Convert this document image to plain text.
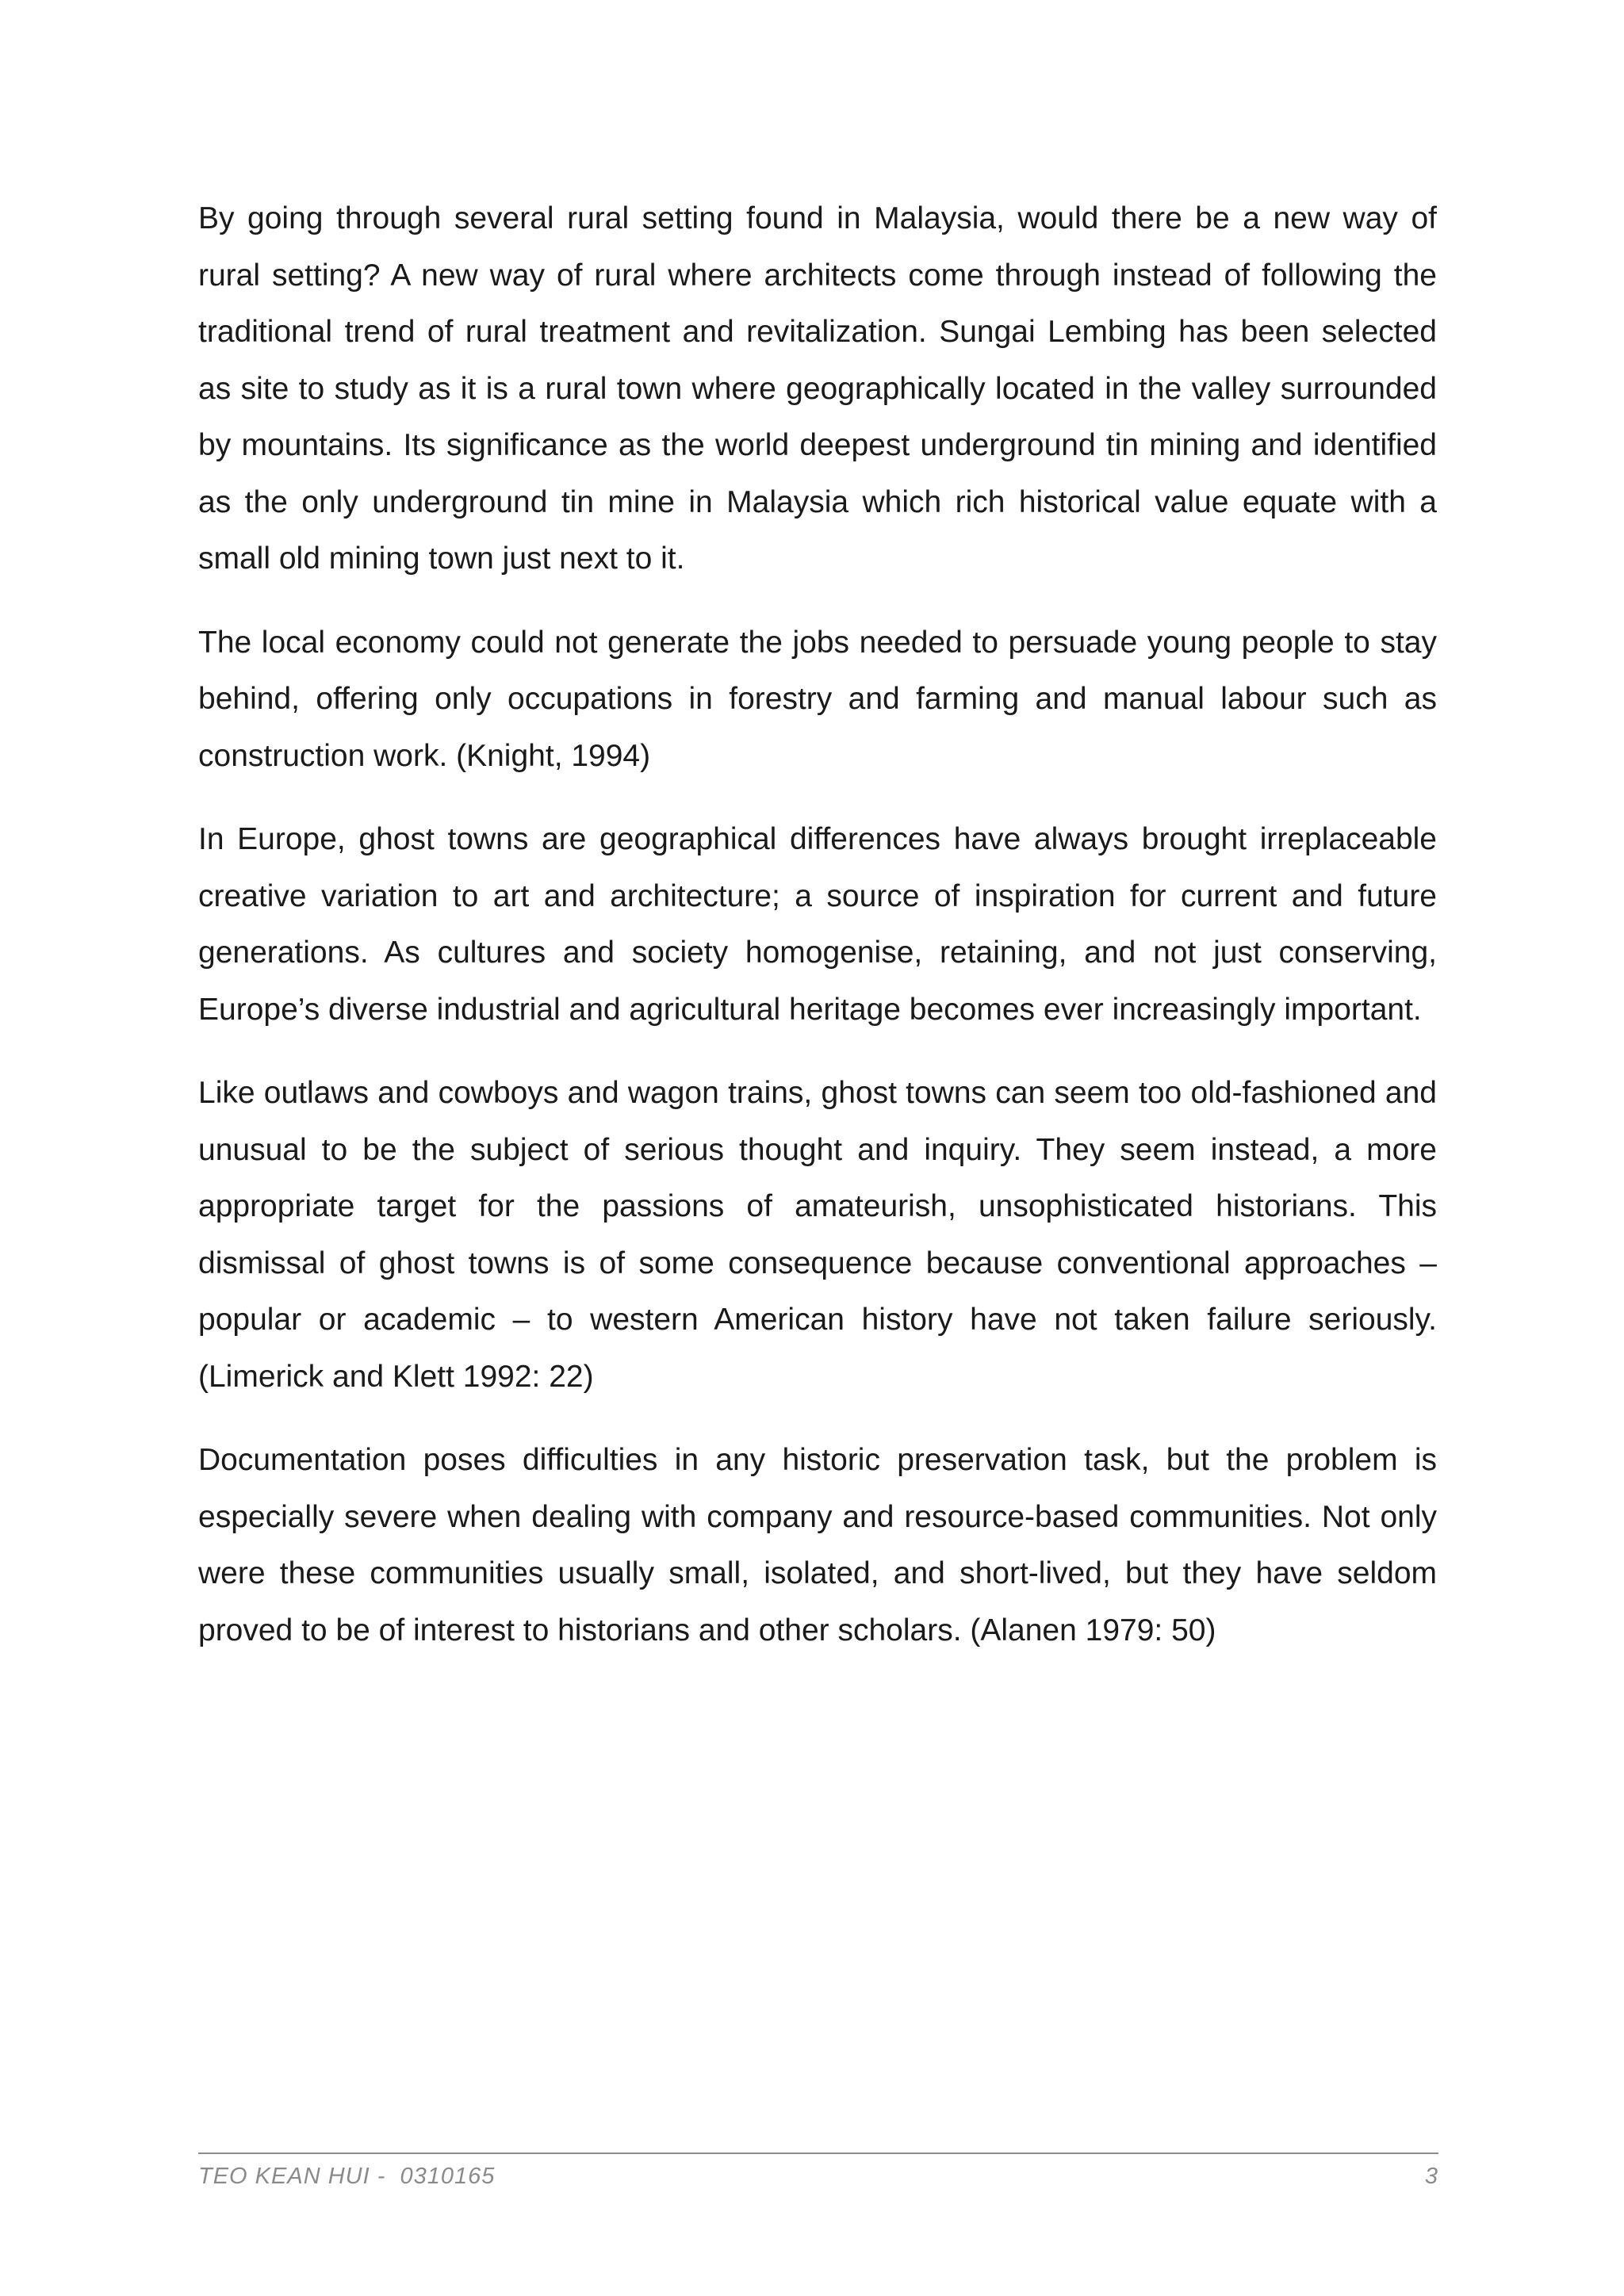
By going through several rural setting found in Malaysia, would there be a new way of rural setting? A new way of rural where architects come through instead of following the traditional trend of rural treatment and revitalization. Sungai Lembing has been selected as site to study as it is a rural town where geographically located in the valley surrounded by mountains. Its significance as the world deepest underground tin mining and identified as the only underground tin mine in Malaysia which rich historical value equate with a small old mining town just next to it.

The local economy could not generate the jobs needed to persuade young people to stay behind, offering only occupations in forestry and farming and manual labour such as construction work. (Knight, 1994)

In Europe, ghost towns are geographical differences have always brought irreplaceable creative variation to art and architecture; a source of inspiration for current and future generations. As cultures and society homogenise, retaining, and not just conserving, Europe’s diverse industrial and agricultural heritage becomes ever increasingly important.

Like outlaws and cowboys and wagon trains, ghost towns can seem too old-fashioned and unusual to be the subject of serious thought and inquiry. They seem instead, a more appropriate target for the passions of amateurish, unsophisticated historians. This dismissal of ghost towns is of some consequence because conventional approaches – popular or academic – to western American history have not taken failure seriously. (Limerick and Klett 1992: 22)

Documentation poses difficulties in any historic preservation task, but the problem is especially severe when dealing with company and resource-based communities. Not only were these communities usually small, isolated, and short-lived, but they have seldom proved to be of interest to historians and other scholars. (Alanen 1979: 50)

TEO KEAN HUI -  0310165	3
